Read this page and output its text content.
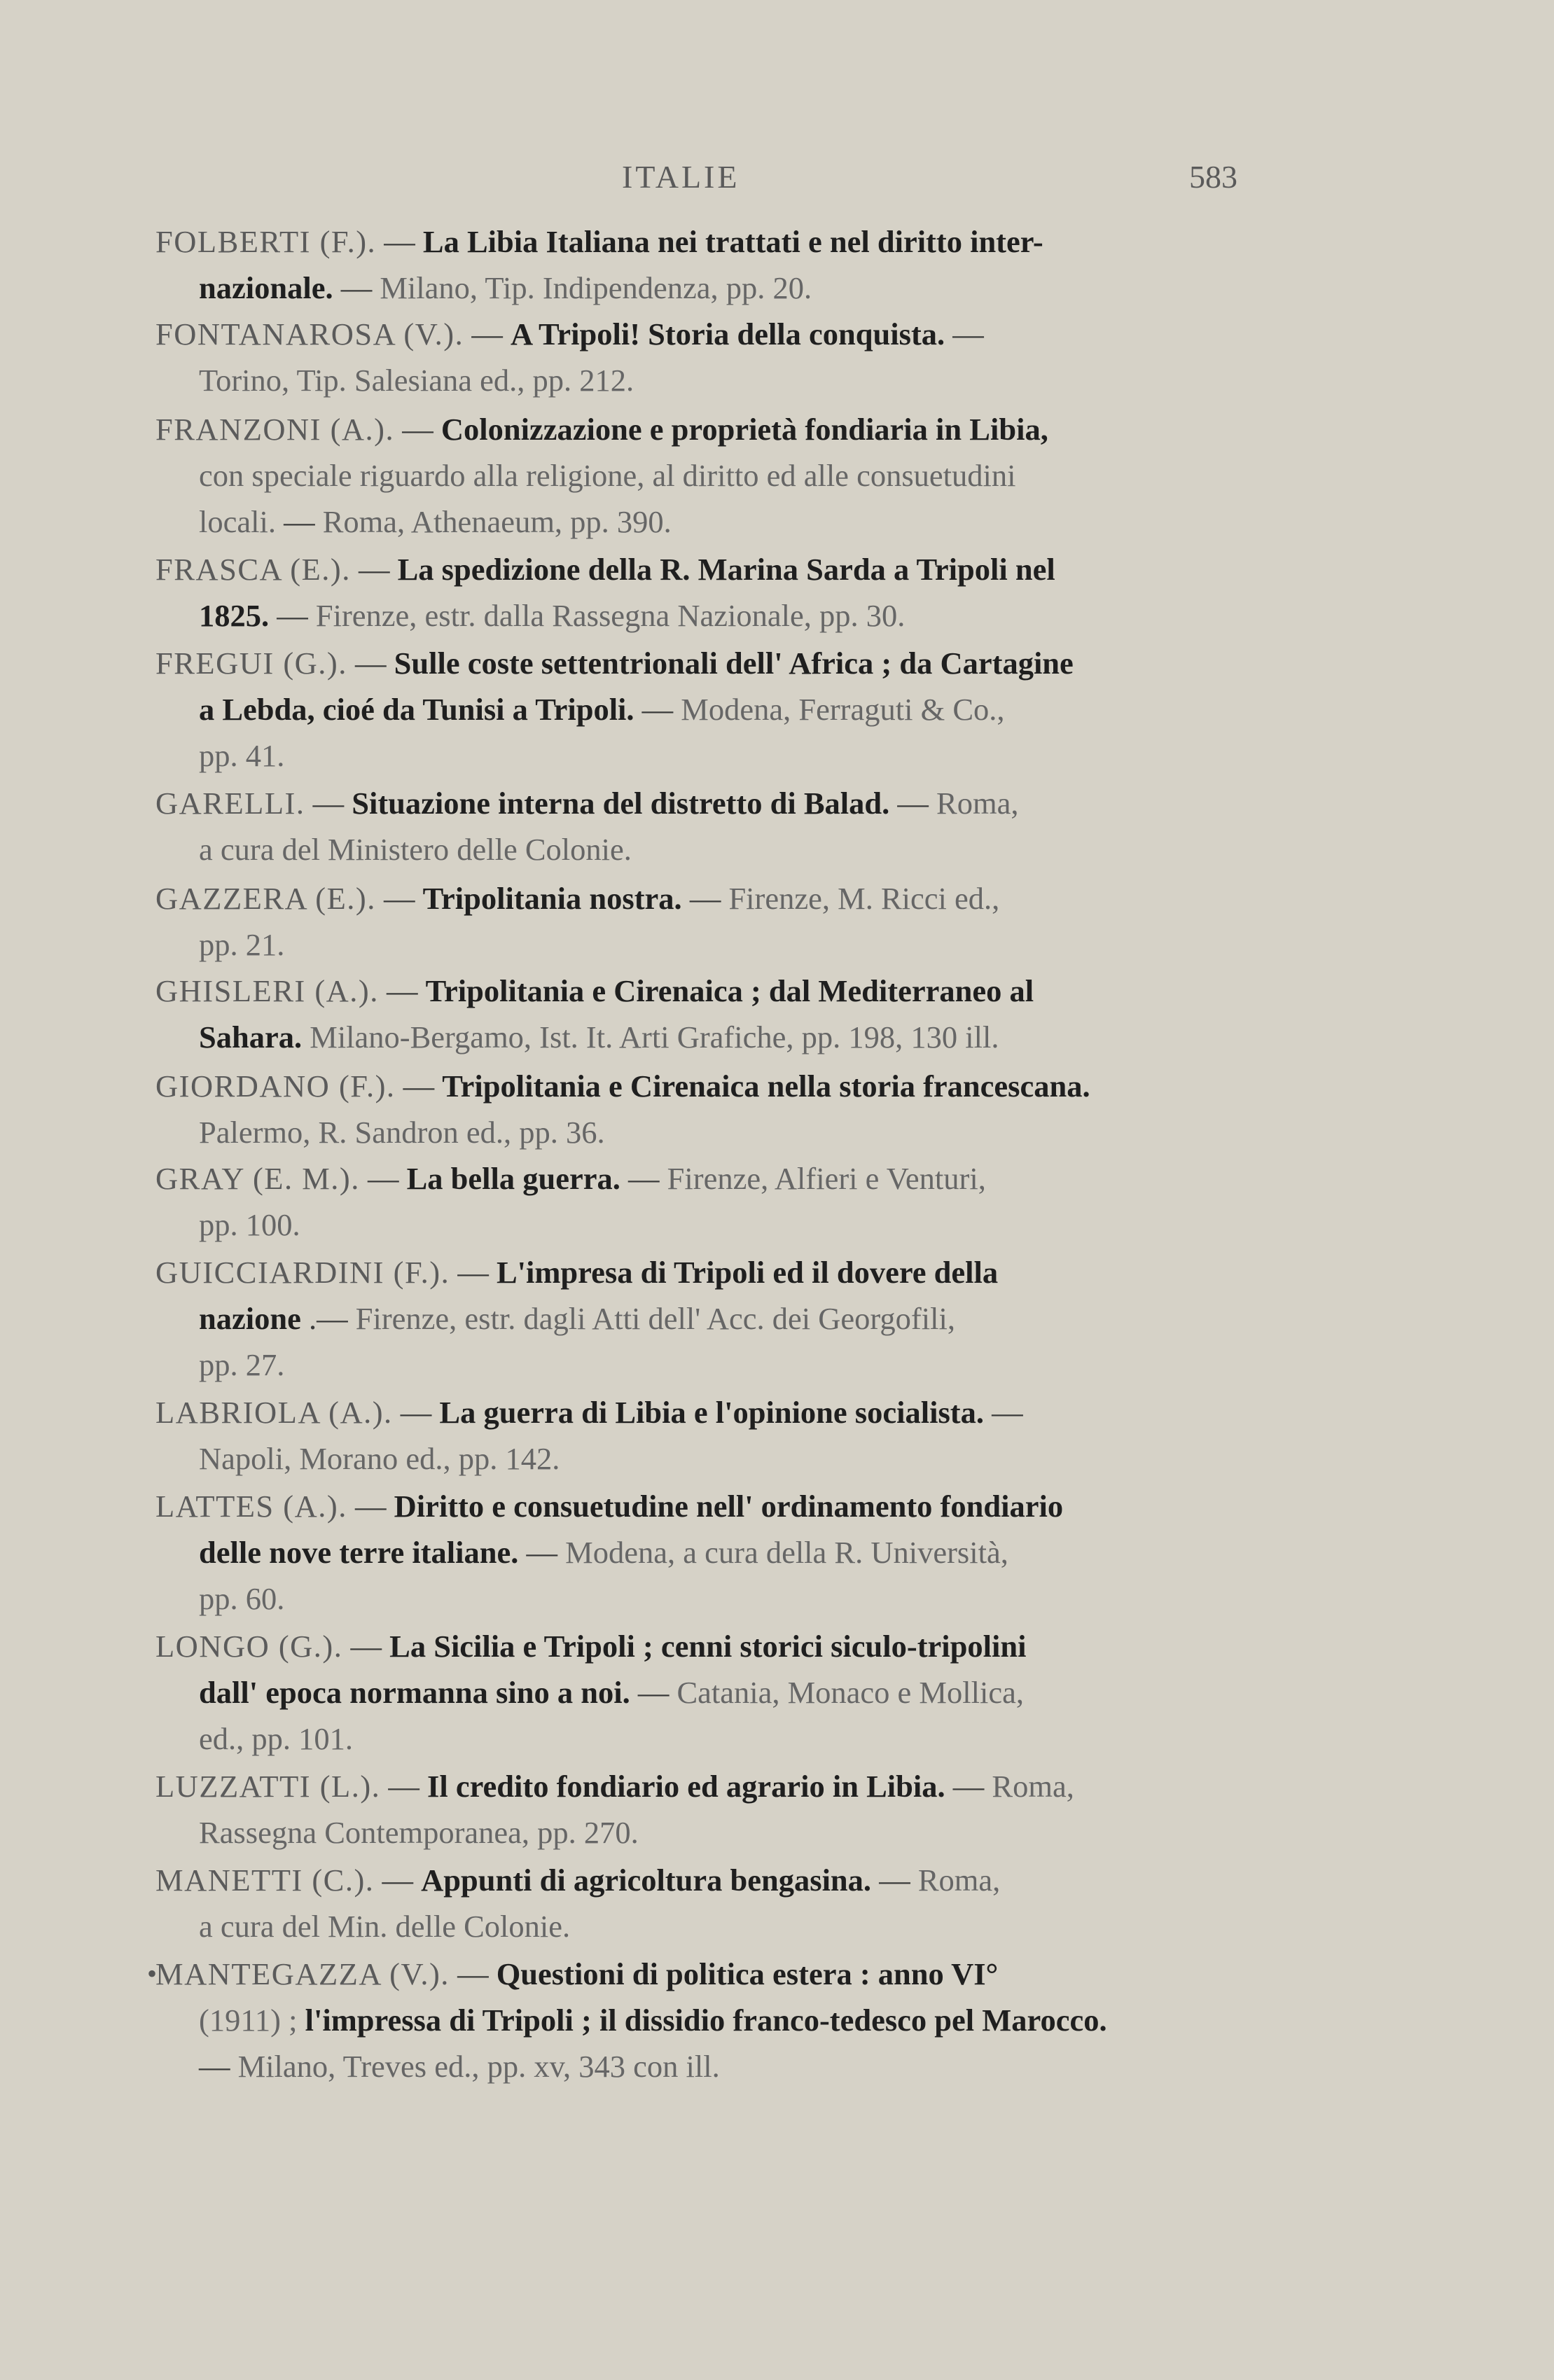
ITALIE	583
FOLBERTI (F.). — La Libia Italiana nei trattati e nel diritto inter-
nazionale. — Milano, Tip. Indipendenza, pp. 20.
FONTANAROSA (V.). — A Tripoli! Storia della conquista. —
Torino, Tip. Salesiana ed., pp. 212.
FRANZONI (A.). — Colonizzazione e proprietà fondiaria in Libia,
con speciale riguardo alla religione, al diritto ed alle consuetudini
locali. — Roma, Athenaeum, pp. 390.
FRASCA (E.). — La spedizione della R. Marina Sarda a Tripoli nel
1825. — Firenze, estr. dalla Rassegna Nazionale, pp. 30.
FREGUI (G.). — Sulle coste settentrionali dell' Africa ; da Cartagine
a Lebda, cioé da Tunisi a Tripoli. — Modena, Ferraguti & Co.,
pp. 41.
GARELLI. — Situazione interna del distretto di Balad. — Roma,
a cura del Ministero delle Colonie.
GAZZERA (E.). — Tripolitania nostra. — Firenze, M. Ricci ed.,
pp. 21.
GHISLERI (A.). — Tripolitania e Cirenaica ; dal Mediterraneo al
Sahara. Milano-Bergamo, Ist. It. Arti Grafiche, pp. 198, 130 ill.
GIORDANO (F.). — Tripolitania e Cirenaica nella storia francescana.
Palermo, R. Sandron ed., pp. 36.
GRAY (E. M.). — La bella guerra. — Firenze, Alfieri e Venturi,
pp. 100.
GUICCIARDINI (F.). — L'impresa di Tripoli ed il dovere della
nazione .— Firenze, estr. dagli Atti dell' Acc. dei Georgofili,
pp. 27.
LABRIOLA (A.). — La guerra di Libia e l'opinione socialista. —
Napoli, Morano ed., pp. 142.
LATTES (A.). — Diritto e consuetudine nell' ordinamento fondiario
delle nove terre italiane. — Modena, a cura della R. Università,
pp. 60.
LONGO (G.). — La Sicilia e Tripoli ; cenni storici siculo-tripolini
dall' epoca normanna sino a noi. — Catania, Monaco e Mollica,
ed., pp. 101.
LUZZATTI (L.). — Il credito fondiario ed agrario in Libia. — Roma,
Rassegna Contemporanea, pp. 270.
MANETTI (C.). — Appunti di agricoltura bengasina. — Roma,
a cura del Min. delle Colonie.
•
MANTEGAZZA (V.). — Questioni di politica estera : anno VI°
(1911) ; l'impressa di Tripoli ; il dissidio franco-tedesco pel Marocco.
— Milano, Treves ed., pp. xv, 343 con ill.
